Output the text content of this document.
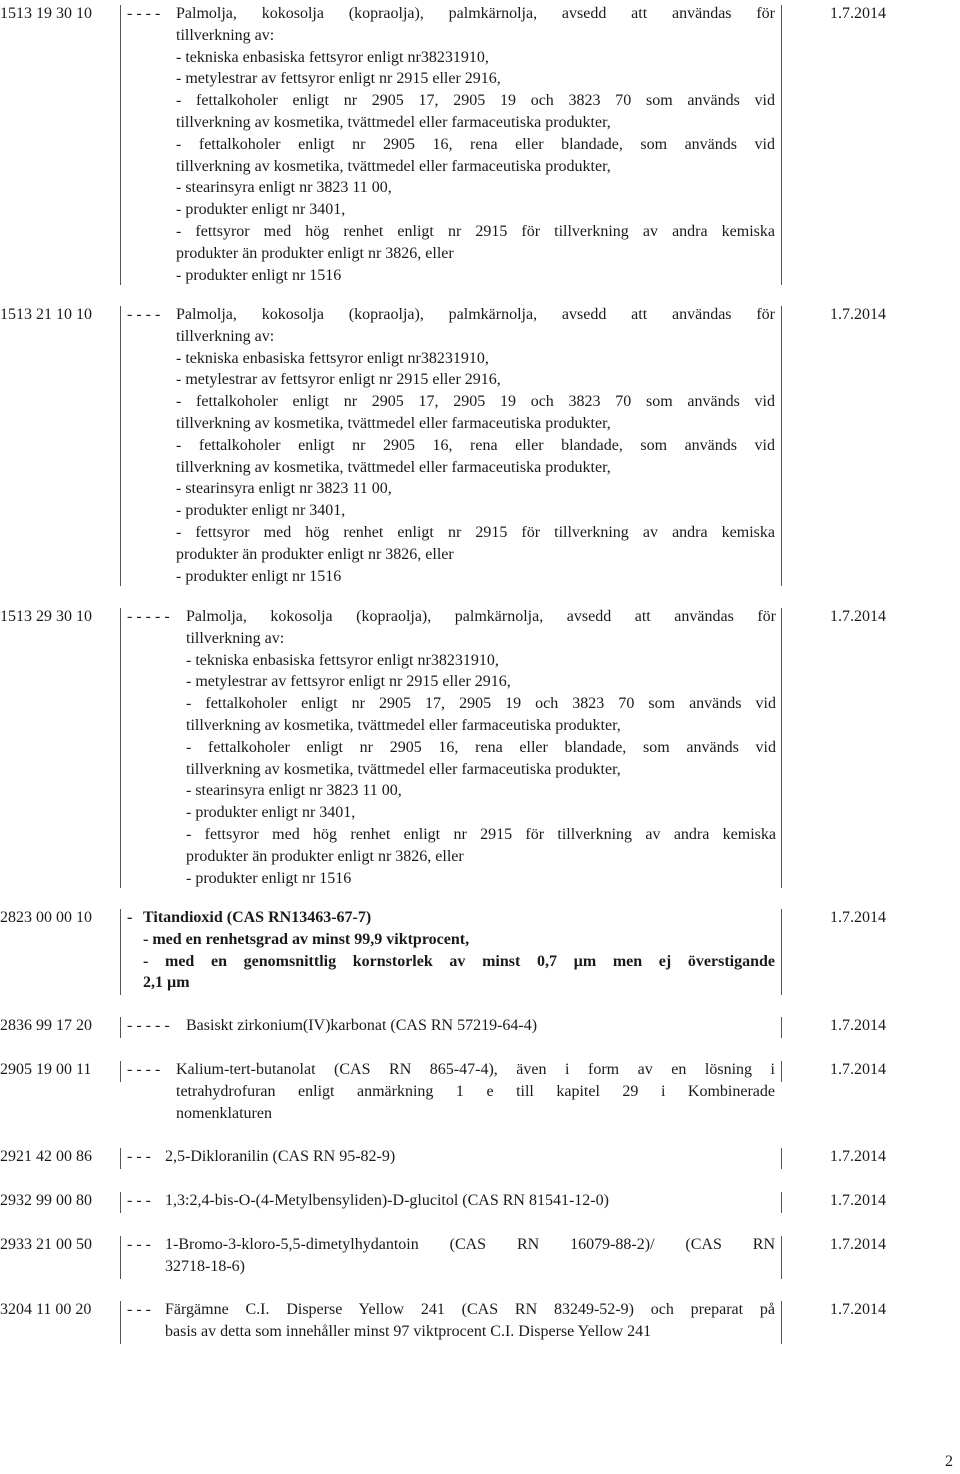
1513 19 30 10 - - - - Palmolja, kokosolja (kopraolja), palmkärnolja, avsedd att användas för
tillverkning av:
- tekniska enbasiska fettsyror enligt nr38231910,
- metylestrar av fettsyror enligt nr 2915 eller 2916,
- fettalkoholer enligt nr 2905 17, 2905 19 och 3823 70 som används vid
tillverkning av kosmetika, tvättmedel eller farmaceutiska produkter,
- fettalkoholer enligt nr 2905 16, rena eller blandade, som används vid
tillverkning av kosmetika, tvättmedel eller farmaceutiska produkter,
- stearinsyra enligt nr 3823 11 00,
- produkter enligt nr 3401,
- fettsyror med hög renhet enligt nr 2915 för tillverkning av andra kemiska
produkter än produkter enligt nr 3826, eller
- produkter enligt nr 1516
1.7.2014
1513 21 10 10 - - - - Palmolja, kokosolja (kopraolja), palmkärnolja, avsedd att användas för
tillverkning av:
- tekniska enbasiska fettsyror enligt nr38231910,
- metylestrar av fettsyror enligt nr 2915 eller 2916,
- fettalkoholer enligt nr 2905 17, 2905 19 och 3823 70 som används vid
tillverkning av kosmetika, tvättmedel eller farmaceutiska produkter,
- fettalkoholer enligt nr 2905 16, rena eller blandade, som används vid
tillverkning av kosmetika, tvättmedel eller farmaceutiska produkter,
- stearinsyra enligt nr 3823 11 00,
- produkter enligt nr 3401,
- fettsyror med hög renhet enligt nr 2915 för tillverkning av andra kemiska
produkter än produkter enligt nr 3826, eller
- produkter enligt nr 1516
1.7.2014
1513 29 30 10 - - - - - Palmolja, kokosolja (kopraolja), palmkärnolja, avsedd att användas för
tillverkning av:
- tekniska enbasiska fettsyror enligt nr38231910,
- metylestrar av fettsyror enligt nr 2915 eller 2916,
- fettalkoholer enligt nr 2905 17, 2905 19 och 3823 70 som används vid
tillverkning av kosmetika, tvättmedel eller farmaceutiska produkter,
- fettalkoholer enligt nr 2905 16, rena eller blandade, som används vid
tillverkning av kosmetika, tvättmedel eller farmaceutiska produkter,
- stearinsyra enligt nr 3823 11 00,
- produkter enligt nr 3401,
- fettsyror med hög renhet enligt nr 2915 för tillverkning av andra kemiska
produkter än produkter enligt nr 3826, eller
- produkter enligt nr 1516
1.7.2014
2823 00 00 10 - Titandioxid (CAS RN13463-67-7)
- med en renhetsgrad av minst 99,9 viktprocent,
- med en genomsnittlig kornstorlek av minst 0,7 µm men ej överstigande
2,1 µm
1.7.2014
2836 99 17 20 - - - - - Basiskt zirkonium(IV)karbonat (CAS RN 57219-64-4)	1.7.2014
2905 19 00 11 - - - - Kalium-tert-butanolat (CAS RN 865-47-4), även i form av en lösning i
tetrahydrofuran enligt anmärkning 1 e till kapitel 29 i Kombinerade
nomenklaturen
1.7.2014
2921 42 00 86 - - - 2,5-Dikloranilin (CAS RN 95-82-9)	1.7.2014
2932 99 00 80 - - - 1,3:2,4-bis-O-(4-Metylbensyliden)-D-glucitol (CAS RN 81541-12-0)	1.7.2014
2933 21 00 50 - - - 1-Bromo-3-kloro-5,5-dimetylhydantoin (CAS RN 16079-88-2)/ (CAS RN
32718-18-6)
1.7.2014
3204 11 00 20 - - - Färgämne C.I. Disperse Yellow 241 (CAS RN 83249-52-9) och preparat på
basis av detta som innehåller minst 97 viktprocent C.I. Disperse Yellow 241
1.7.2014
2
